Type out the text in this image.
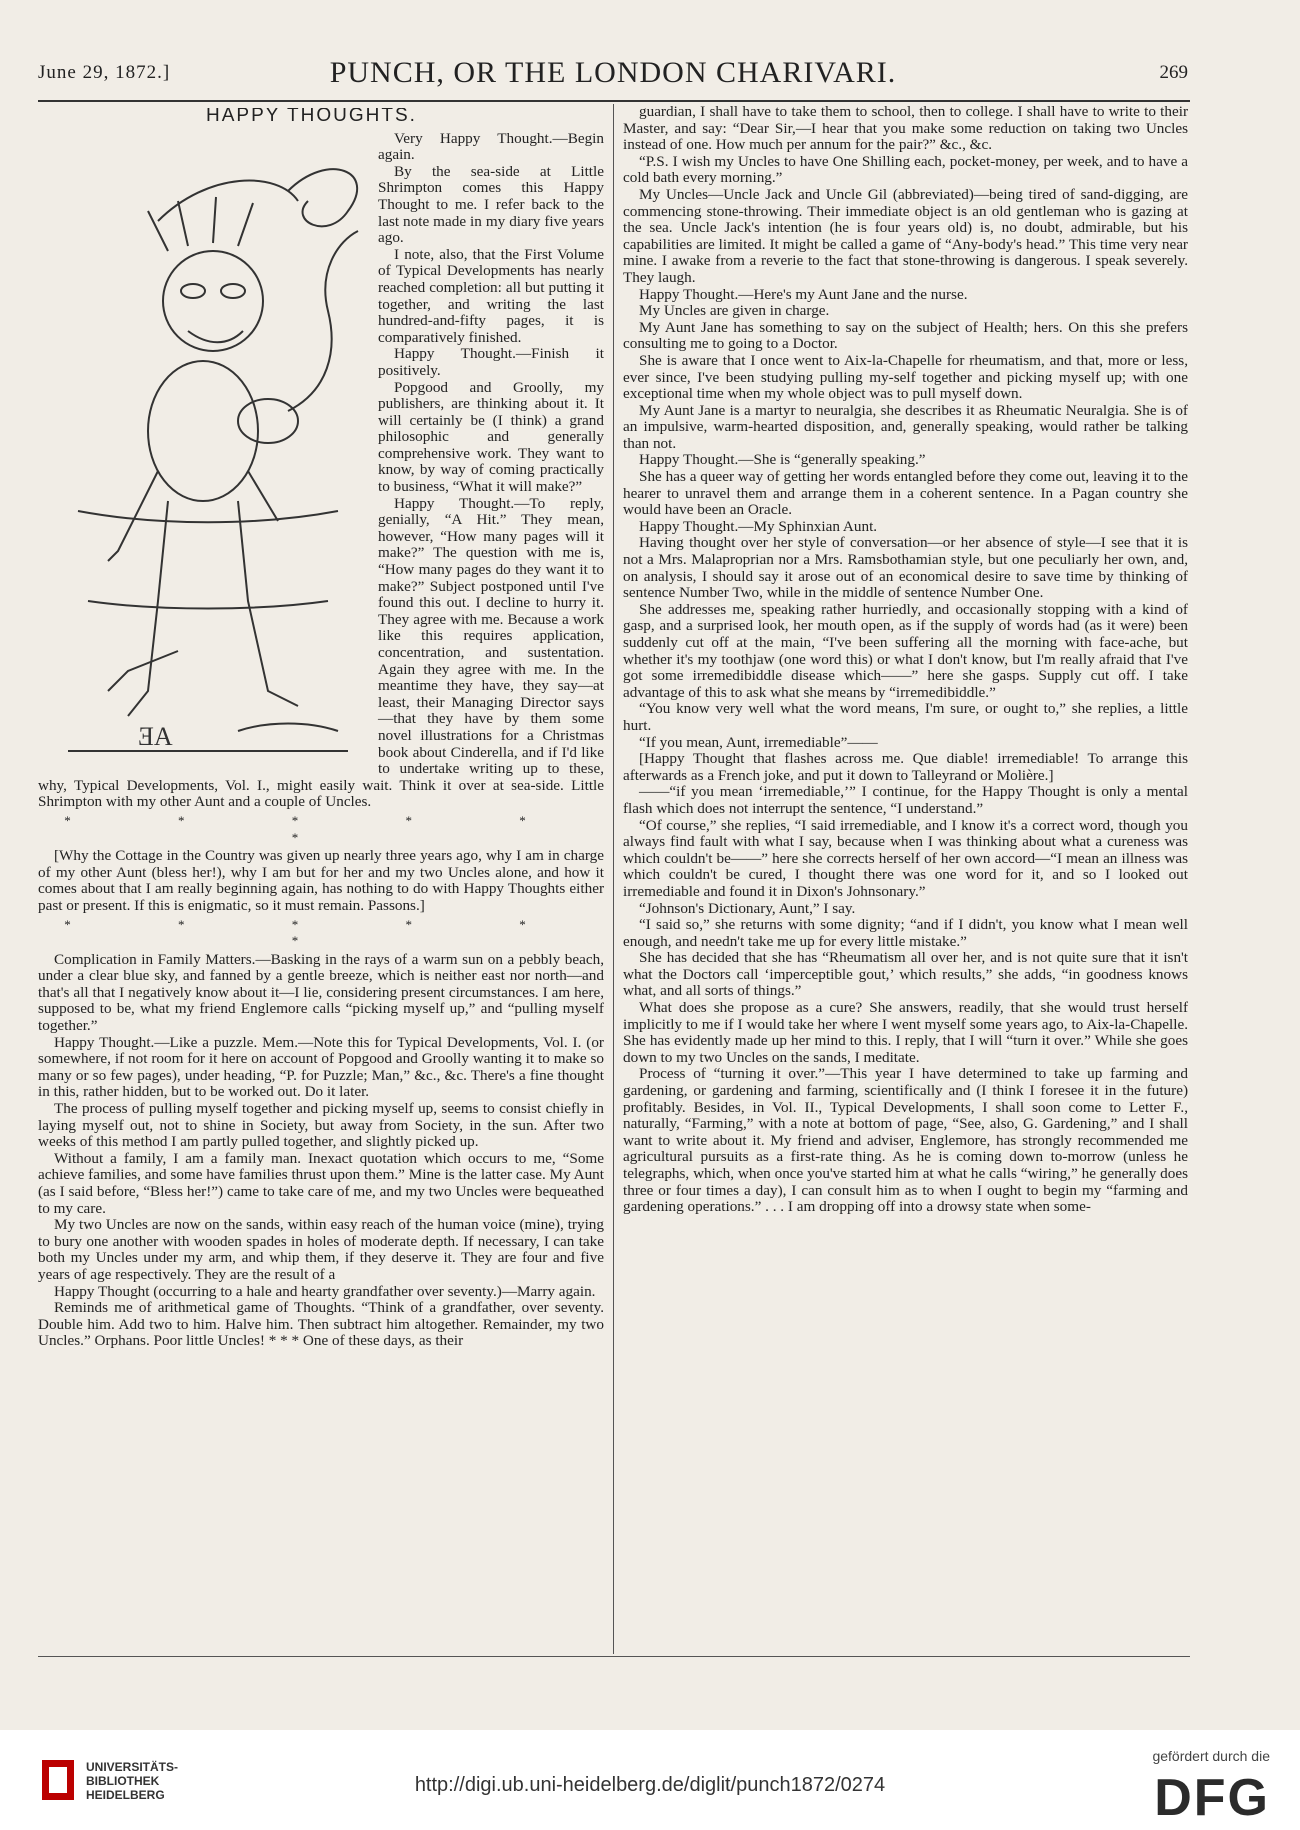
June 29, 1872.]	PUNCH, OR THE LONDON CHARIVARI.	269
HAPPY THOUGHTS.
ƎA

Very Happy Thought.—Begin again.

By the sea-side at Little Shrimpton comes this Happy Thought to me. I refer back to the last note made in my diary five years ago.

I note, also, that the First Volume of Typical Developments has nearly reached completion: all but putting it together, and writing the last hundred-and-fifty pages, it is comparatively finished.

Happy Thought.—Finish it positively.

Popgood and Groolly, my publishers, are thinking about it. It will certainly be (I think) a grand philosophic and generally comprehensive work. They want to know, by way of coming practically to business, “What it will make?”

Happy Thought.—To reply, genially, “A Hit.” They mean, however, “How many pages will it make?” The question with me is, “How many pages do they want it to make?” Subject postponed until I've found this out. I decline to hurry it. They agree with me. Because a work like this requires application, concentration, and sustentation. Again they agree with me. In the meantime they have, they say—at least, their Managing Director says—that they have by them some novel illustrations for a Christmas book about Cinderella, and if I'd like to undertake writing up to these, why, Typical Developments, Vol. I., might easily wait. Think it over at sea-side. Little Shrimpton with my other Aunt and a couple of Uncles.

* * * * * *

[Why the Cottage in the Country was given up nearly three years ago, why I am in charge of my other Aunt (bless her!), why I am but for her and my two Uncles alone, and how it comes about that I am really beginning again, has nothing to do with Happy Thoughts either past or present. If this is enigmatic, so it must remain. Passons.]

* * * * * *

Complication in Family Matters.—Basking in the rays of a warm sun on a pebbly beach, under a clear blue sky, and fanned by a gentle breeze, which is neither east nor north—and that's all that I negatively know about it—I lie, considering present circumstances. I am here, supposed to be, what my friend Englemore calls “picking myself up,” and “pulling myself together.”

Happy Thought.—Like a puzzle. Mem.—Note this for Typical Developments, Vol. I. (or somewhere, if not room for it here on account of Popgood and Groolly wanting it to make so many or so few pages), under heading, “P. for Puzzle; Man,” &c., &c. There's a fine thought in this, rather hidden, but to be worked out. Do it later.

The process of pulling myself together and picking myself up, seems to consist chiefly in laying myself out, not to shine in Society, but away from Society, in the sun. After two weeks of this method I am partly pulled together, and slightly picked up.

Without a family, I am a family man. Inexact quotation which occurs to me, “Some achieve families, and some have families thrust upon them.” Mine is the latter case. My Aunt (as I said before, “Bless her!”) came to take care of me, and my two Uncles were bequeathed to my care.

My two Uncles are now on the sands, within easy reach of the human voice (mine), trying to bury one another with wooden spades in holes of moderate depth. If necessary, I can take both my Uncles under my arm, and whip them, if they deserve it. They are four and five years of age respectively. They are the result of a

Happy Thought (occurring to a hale and hearty grandfather over seventy.)—Marry again.

Reminds me of arithmetical game of Thoughts. “Think of a grandfather, over seventy. Double him. Add two to him. Halve him. Then subtract him altogether. Remainder, my two Uncles.” Orphans. Poor little Uncles! * * * One of these days, as their

guardian, I shall have to take them to school, then to college. I shall have to write to their Master, and say: “Dear Sir,—I hear that you make some reduction on taking two Uncles instead of one. How much per annum for the pair?” &c., &c.

“P.S. I wish my Uncles to have One Shilling each, pocket-money, per week, and to have a cold bath every morning.”

My Uncles—Uncle Jack and Uncle Gil (abbreviated)—being tired of sand-digging, are commencing stone-throwing. Their immediate object is an old gentleman who is gazing at the sea. Uncle Jack's intention (he is four years old) is, no doubt, admirable, but his capabilities are limited. It might be called a game of “Any-body's head.” This time very near mine. I awake from a reverie to the fact that stone-throwing is dangerous. I speak severely. They laugh.

Happy Thought.—Here's my Aunt Jane and the nurse.

My Uncles are given in charge.

My Aunt Jane has something to say on the subject of Health; hers. On this she prefers consulting me to going to a Doctor.

She is aware that I once went to Aix-la-Chapelle for rheumatism, and that, more or less, ever since, I've been studying pulling my-self together and picking myself up; with one exceptional time when my whole object was to pull myself down.

My Aunt Jane is a martyr to neuralgia, she describes it as Rheumatic Neuralgia. She is of an impulsive, warm-hearted disposition, and, generally speaking, would rather be talking than not.

Happy Thought.—She is “generally speaking.”

She has a queer way of getting her words entangled before they come out, leaving it to the hearer to unravel them and arrange them in a coherent sentence. In a Pagan country she would have been an Oracle.

Happy Thought.—My Sphinxian Aunt.

Having thought over her style of conversation—or her absence of style—I see that it is not a Mrs. Malaproprian nor a Mrs. Ramsbothamian style, but one peculiarly her own, and, on analysis, I should say it arose out of an economical desire to save time by thinking of sentence Number Two, while in the middle of sentence Number One.

She addresses me, speaking rather hurriedly, and occasionally stopping with a kind of gasp, and a surprised look, her mouth open, as if the supply of words had (as it were) been suddenly cut off at the main, “I've been suffering all the morning with face-ache, but whether it's my toothjaw (one word this) or what I don't know, but I'm really afraid that I've got some irremedibiddle disease which——” here she gasps. Supply cut off. I take advantage of this to ask what she means by “irremedibiddle.”

“You know very well what the word means, I'm sure, or ought to,” she replies, a little hurt.

“If you mean, Aunt, irremediable”——

[Happy Thought that flashes across me. Que diable! irremediable! To arrange this afterwards as a French joke, and put it down to Talleyrand or Molière.]

——“if you mean ‘irremediable,’” I continue, for the Happy Thought is only a mental flash which does not interrupt the sentence, “I understand.”

“Of course,” she replies, “I said irremediable, and I know it's a correct word, though you always find fault with what I say, because when I was thinking about what a cureness was which couldn't be——” here she corrects herself of her own accord—“I mean an illness was which couldn't be cured, I thought there was one word for it, and so I looked out irremediable and found it in Dixon's Johnsonary.”

“Johnson's Dictionary, Aunt,” I say.

“I said so,” she returns with some dignity; “and if I didn't, you know what I mean well enough, and needn't take me up for every little mistake.”

She has decided that she has “Rheumatism all over her, and is not quite sure that it isn't what the Doctors call ‘imperceptible gout,’ which results,” she adds, “in goodness knows what, and all sorts of things.”

What does she propose as a cure? She answers, readily, that she would trust herself implicitly to me if I would take her where I went myself some years ago, to Aix-la-Chapelle. She has evidently made up her mind to this. I reply, that I will “turn it over.” While she goes down to my two Uncles on the sands, I meditate.

Process of “turning it over.”—This year I have determined to take up farming and gardening, or gardening and farming, scientifically and (I think I foresee it in the future) profitably. Besides, in Vol. II., Typical Developments, I shall soon come to Letter F., naturally, “Farming,” with a note at bottom of page, “See, also, G. Gardening,” and I shall want to write about it. My friend and adviser, Englemore, has strongly recommended me agricultural pursuits as a first-rate thing. As he is coming down to-morrow (unless he telegraphs, which, when once you've started him at what he calls “wiring,” he generally does three or four times a day), I can consult him as to when I ought to begin my “farming and gardening operations.” . . . I am dropping off into a drowsy state when some-

UNIVERSITÄTS-
BIBLIOTHEK
HEIDELBERG	http://digi.ub.uni-heidelberg.de/diglit/punch1872/0274
gefördert durch die
DFG
